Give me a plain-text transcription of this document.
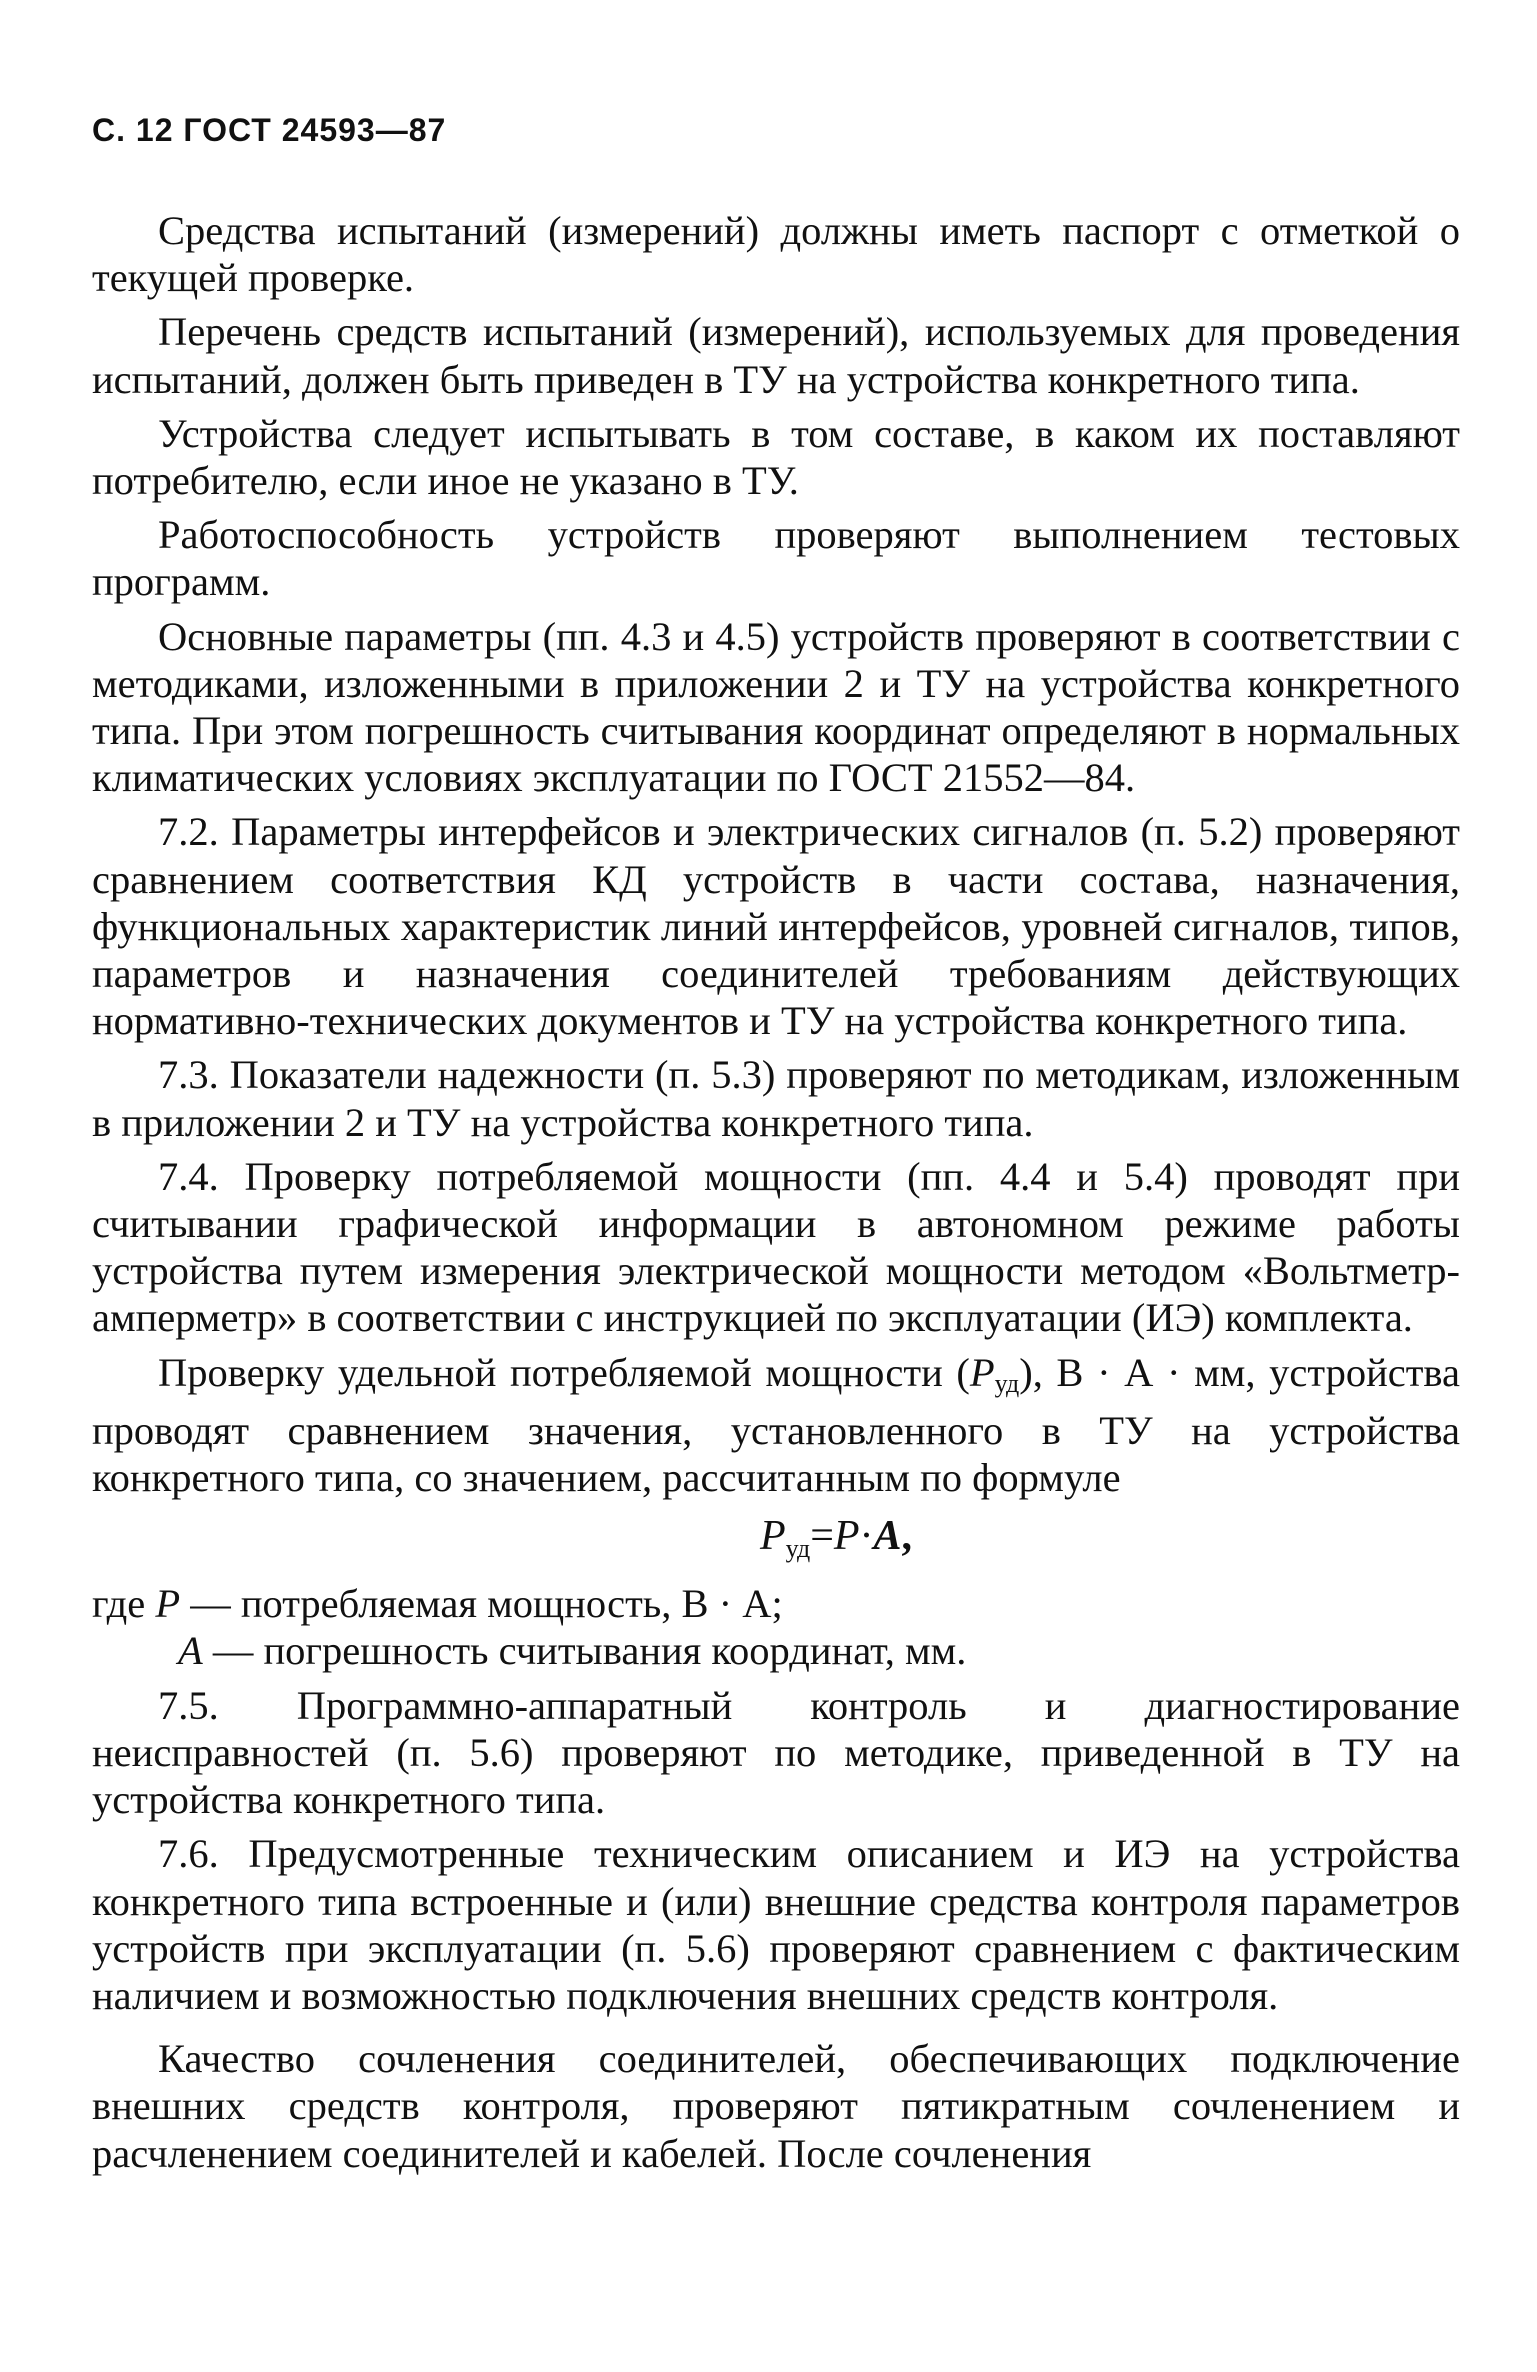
С. 12 ГОСТ 24593—87

Средства испытаний (измерений) должны иметь паспорт с отметкой о текущей проверке.

Перечень средств испытаний (измерений), используемых для проведения испытаний, должен быть приведен в ТУ на устройства конкретного типа.

Устройства следует испытывать в том составе, в каком их поставляют потребителю, если иное не указано в ТУ.

Работоспособность устройств проверяют выполнением тестовых программ.

Основные параметры (пп. 4.3 и 4.5) устройств проверяют в соответствии с методиками, изложенными в приложении 2 и ТУ на устройства конкретного типа. При этом погрешность считывания координат определяют в нормальных климатических условиях эксплуатации по ГОСТ 21552—84.

7.2. Параметры интерфейсов и электрических сигналов (п. 5.2) проверяют сравнением соответствия КД устройств в части состава, назначения, функциональных характеристик линий интерфейсов, уровней сигналов, типов, параметров и назначения соединителей требованиям действующих нормативно-технических документов и ТУ на устройства конкретного типа.

7.3. Показатели надежности (п. 5.3) проверяют по методикам, изложенным в приложении 2 и ТУ на устройства конкретного типа.

7.4. Проверку потребляемой мощности (пп. 4.4 и 5.4) проводят при считывании графической информации в автономном режиме работы устройства путем измерения электрической мощности методом «Вольтметр-амперметр» в соответствии с инструкцией по эксплуатации (ИЭ) комплекта.

Проверку удельной потребляемой мощности $(P_{уд})$, В · А · мм, устройства проводят сравнением значения, установленного в ТУ на устройства конкретного типа, со значением, рассчитанным по формуле

$P_{уд}=P\cdot A$,

где P — потребляемая мощность, В · А;

A — погрешность считывания координат, мм.

7.5. Программно-аппаратный контроль и диагностирование неисправностей (п. 5.6) проверяют по методике, приведенной в ТУ на устройства конкретного типа.

7.6. Предусмотренные техническим описанием и ИЭ на устройства конкретного типа встроенные и (или) внешние средства контроля параметров устройств при эксплуатации (п. 5.6) проверяют сравнением с фактическим наличием и возможностью подключения внешних средств контроля.

Качество сочленения соединителей, обеспечивающих подключение внешних средств контроля, проверяют пятикратным сочленением и расчленением соединителей и кабелей. После сочленения
